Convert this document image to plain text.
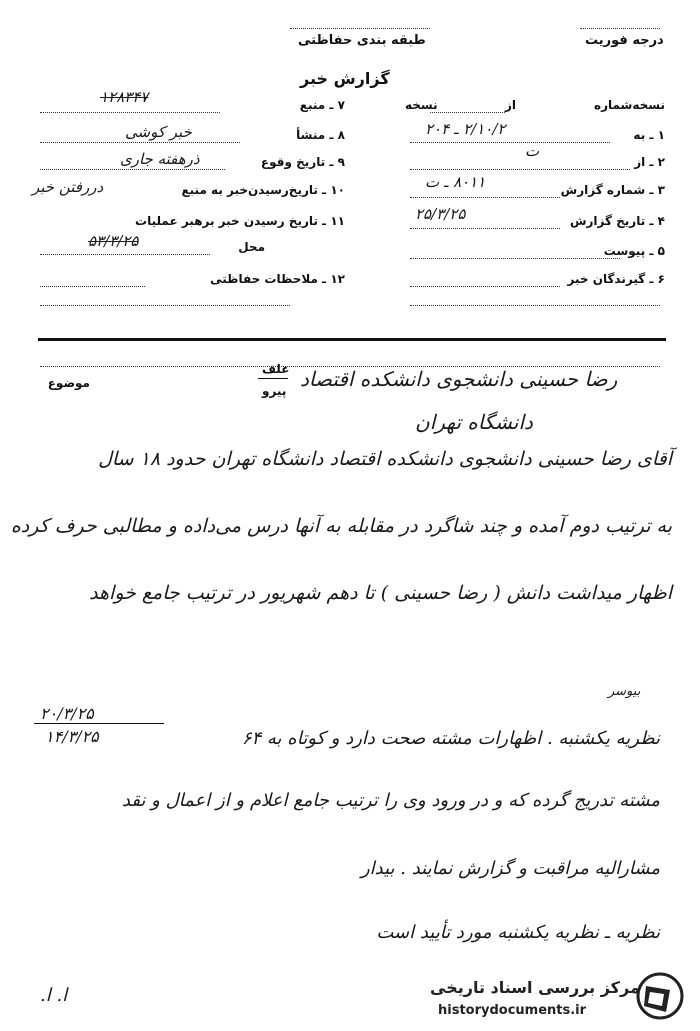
طبقه بندی حفاظتی	درجه فوریت
گزارش خبر
نسخه‌شماره
از
نسخه
۱ ـ به
۲/۱۰/۲ ـ ۲۰۴
۲ ـ از
ت
۳ ـ شماره گزارش
۸۰۱۱ ـ ت
۴ ـ تاریخ گزارش
۲۵/۳/۲۵
۵ ـ پیوست
۶ ـ گیرندگان خبر
۷ ـ منبع
۱۲۸۳۴۷
۸ ـ منشأ
خبر کوشی
۹ ـ تاریخ وقوع
ذرهفته جاری
۱۰ ـ تاریخ‌رسیدن‌خبر به منبع
دررفتن خبر
۱۱ ـ تاریخ رسیدن خبر برهبر عملیات
محل
۵۳/۳/۲۵
۱۲ ـ ملاحظات حفاظتی
موضوع
علف
پیرو رضا حسینی دانشجوی دانشکده اقتصاد
دانشگاه تهران
آقای رضا حسینی دانشجوی دانشکده اقتصاد دانشگاه تهران حدود ۱۸ سال
به ترتیب دوم آمده و چند شاگرد در مقابله به آنها درس می‌داده و مطالبی حرف کرده
اظهار میداشت دانش ( رضا حسینی ) تا دهم شهریور در ترتیب جامع خواهد
بیوسر
۲۰/۳/۲۵
۱۴/۳/۲۵	نظریه یکشنبه . اظهارات مشته صحت دارد و کوتاه به ۶۴
مشته تدریج گرده که و در ورود وی را ترتیب جامع اعلام و از اعمال و نقد
مشارالیه مراقبت و گزارش نمایند . بیدار
نظریه ـ نظریه یکشنبه مورد تأیید است
ا. ا.	مرکز بررسی اسناد تاریخی
historydocuments.ir
